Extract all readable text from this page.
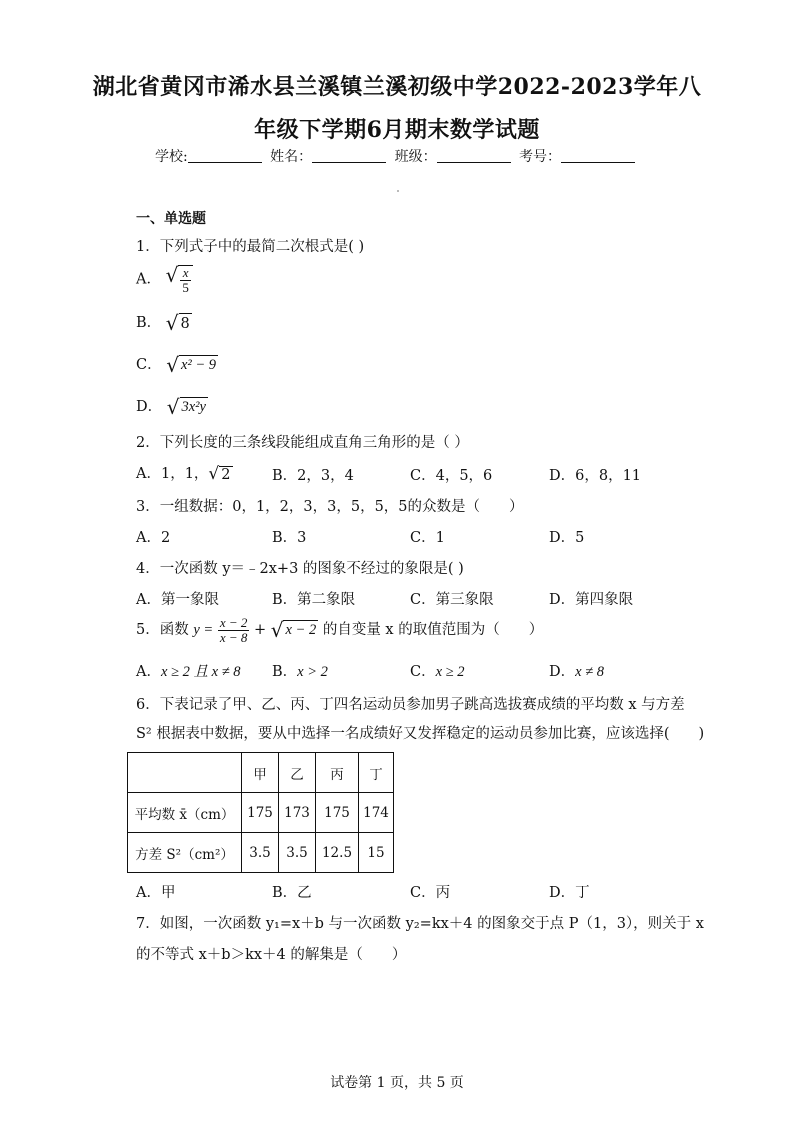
湖北省黄冈市浠水县兰溪镇兰溪初级中学2022-2023学年八
年级下学期6月期末数学试题
学校:	姓名：	班级：	考号：
一、单选题
1．下列式子中的最简二次根式是( )
A． √ $\frac{x}{5}$
B． √ 8
C． √ x² − 9
D． √ 3x²y
2．下列长度的三条线段能组成直角三角形的是（ ）
A．1，1， √ 2	B．2，3，4	C．4，5，6	D．6，8，11
3．一组数据：0，1，2，3，3，5，5，5的众数是（　　）
A．2	B．3	C．1	D．5
4．一次函数 y＝﹣2x+3 的图象不经过的象限是( )
A．第一象限	B．第二象限	C．第三象限	D．第四象限
5．函数 $y = \frac{x - 2}{x - 8}$ + √ x − 2 的自变量 x 的取值范围为（　　）
A．x ≥ 2 且 x ≠ 8 B．x > 2	C．x ≥ 2	D．x ≠ 8
6．下表记录了甲、乙、丙、丁四名运动员参加男子跳高选拔赛成绩的平均数 x 与方差
S² 根据表中数据，要从中选择一名成绩好又发挥稳定的运动员参加比赛，应该选择(　　)
	甲	乙	丙	丁
平均数 x̄（cm）	175	173	175	174
方差 S²（cm²）	3.5	3.5	12.5	15
A．甲	B．乙	C．丙	D．丁
7．如图，一次函数 y₁=x＋b 与一次函数 y₂=kx＋4 的图象交于点 P（1，3），则关于 x
的不等式 x＋b＞kx＋4 的解集是（　　）
试卷第 1 页，共 5 页
